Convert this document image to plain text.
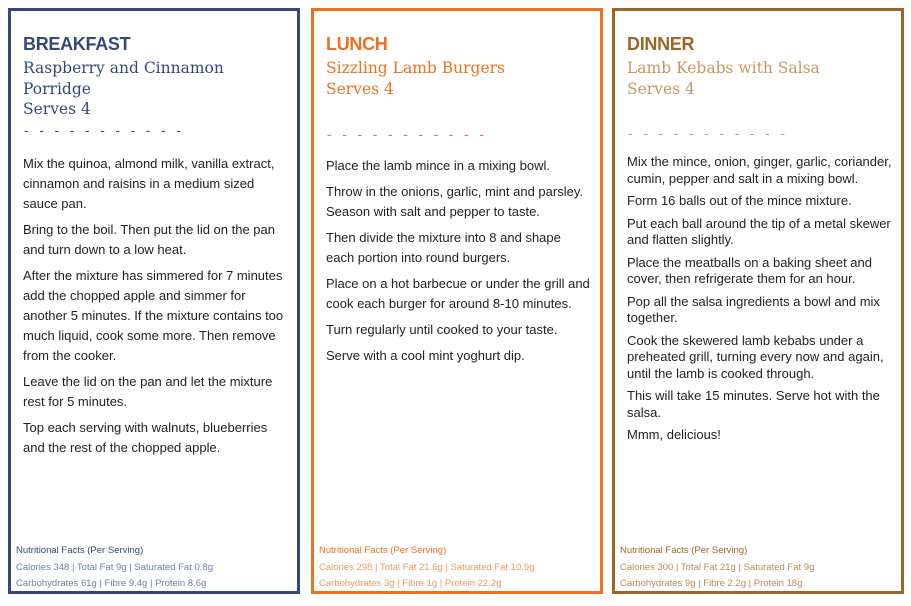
BREAKFAST
Raspberry and Cinnamon
Porridge
Serves 4
- - - - - - - - - - -
Mix the quinoa, almond milk, vanilla extract, cinnamon and raisins in a medium sized sauce pan.
Bring to the boil. Then put the lid on the pan and turn down to a low heat.
After the mixture has simmered for 7 minutes add the chopped apple and simmer for another 5 minutes. If the mixture contains too much liquid, cook some more. Then remove from the cooker.
Leave the lid on the pan and let the mixture rest for 5 minutes.
Top each serving with walnuts, blueberries and the rest of the chopped apple.
Nutritional Facts (Per Serving)
Calories 348 | Total Fat 9g | Saturated Fat 0.8g
Carbohydrates 61g | Fibre 9.4g | Protein 8.6g
LUNCH
Sizzling Lamb Burgers
Serves 4
- - - - - - - - - - -
Place the lamb mince in a mixing bowl.
Throw in the onions, garlic, mint and parsley. Season with salt and pepper to taste.
Then divide the mixture into 8 and shape each portion into round burgers.
Place on a hot barbecue or under the grill and cook each burger for around 8-10 minutes.
Turn regularly until cooked to your taste.
Serve with a cool mint yoghurt dip.
Nutritional Facts (Per Serving)
Calories 298 | Total Fat 21.6g | Saturated Fat 10.9g
Carbohydrates 3g | Fibre 1g | Protein 22.2g
DINNER
Lamb Kebabs with Salsa
Serves 4
- - - - - - - - - - -
Mix the mince, onion, ginger, garlic, coriander, cumin, pepper and salt in a mixing bowl.
Form 16 balls out of the mince mixture.
Put each ball around the tip of a metal skewer and flatten slightly.
Place the meatballs on a baking sheet and cover, then refrigerate them for an hour.
Pop all the salsa ingredients a bowl and mix together.
Cook the skewered lamb kebabs under a preheated grill, turning every now and again, until the lamb is cooked through.
This will take 15 minutes. Serve hot with the salsa.
Mmm, delicious!
Nutritional Facts (Per Serving)
Calories 300 | Total Fat 21g | Saturated Fat 9g
Carbohydrates 9g | Fibre 2.2g | Protein 18g
